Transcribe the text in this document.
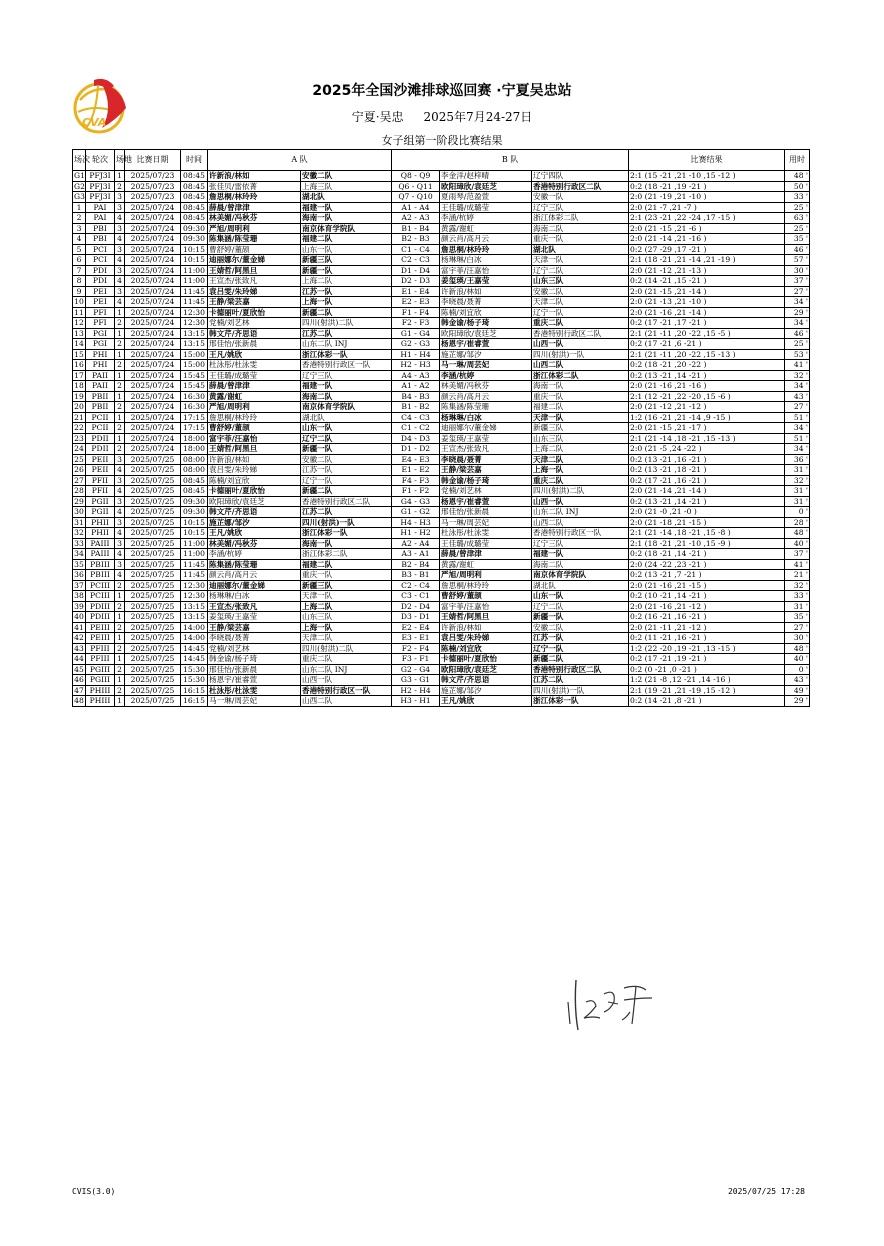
CVA
2025年全国沙滩排球巡回赛 ·宁夏吴忠站
宁夏·吴忠 2025年7月24-27日
女子组第一阶段比赛结果
场次	轮次	场地	比赛日期	时间	A 队		B 队			比赛结果	用时
G1	PFJ3I	1	2025/07/23	08:45	许新浪/林如	安徽二队	Q8 - Q9	李金洋/赵梓晴	辽宁四队	2:1 (15 -21 ,21 -10 ,15 -12 )	48 '
G2	PFJ3I	2	2025/07/23	08:45	张佳贝/雷依菁	上海三队	Q6 - Q11	欧阳璋欣/袁廷芝	香港特别行政区二队	0:2 (18 -21 ,19 -21 )	50 '
G3	PFJ3I	3	2025/07/23	08:45	詹思桐/林玲玲	湖北队	Q7 - Q10	夏雨琴/范盈萱	安徽一队	2:0 (21 -19 ,21 -10 )	33 '
1	PAI	3	2025/07/24	08:45	薛晨/曾津津	福建一队	A1 - A4	王佳璐/成璐莹	辽宁三队	2:0 (21 -7 ,21 -7 )	25 '
2	PAI	4	2025/07/24	08:45	林美媚/冯秋芬	海南一队	A2 - A3	李涵/杭婷	浙江体彩二队	2:1 (23 -21 ,22 -24 ,17 -15 )	63 '
3	PBI	3	2025/07/24	09:30	严旭/周明利	南京体育学院队	B1 - B4	黄露/谢虹	海南二队	2:0 (21 -15 ,21 -6 )	25 '
4	PBI	4	2025/07/24	09:30	陈集涵/陈莹珊	福建二队	B2 - B3	颜云肖/高月云	重庆一队	2:0 (21 -14 ,21 -16 )	35 '
5	PCI	3	2025/07/24	10:15	曹舒婷/董颉	山东一队	C1 - C4	詹思桐/林玲玲	湖北队	0:2 (27 -29 ,17 -21 )	46 '
6	PCI	4	2025/07/24	10:15	迪丽娜尔/董金娣	新疆三队	C2 - C3	杨琳琳/白冰	天津一队	2:1 (18 -21 ,21 -14 ,21 -19 )	57 '
7	PDI	3	2025/07/24	11:00	王婧哲/阿黑旦	新疆一队	D1 - D4	富宇菲/汪嘉怡	辽宁二队	2:0 (21 -12 ,21 -13 )	30 '
8	PDI	4	2025/07/24	11:00	王宣杰/张致凡	上海二队	D2 - D3	姜玺瑛/王嘉莹	山东三队	0:2 (14 -21 ,15 -21 )	37 '
9	PEI	3	2025/07/24	11:45	袁吕雯/朱玲娣	江苏一队	E1 - E4	许新浪/林如	安徽二队	2:0 (21 -15 ,21 -14 )	27 '
10	PEI	4	2025/07/24	11:45	王静/梁芸嘉	上海一队	E2 - E3	李晓晨/聂菁	天津二队	2:0 (21 -13 ,21 -10 )	34 '
11	PFI	1	2025/07/24	12:30	卡德丽叶/夏欣怡	新疆二队	F1 - F4	陈楠/刘宜欣	辽宁一队	2:0 (21 -16 ,21 -14 )	29 '
12	PFI	2	2025/07/24	12:30	党楠/刘艺林	四川(射洪)二队	F2 - F3	韩金谕/杨子琦	重庆二队	0:2 (17 -21 ,17 -21 )	34 '
13	PGI	1	2025/07/24	13:15	韩文芹/齐思语	江苏二队	G1 - G4	欧阳璋欣/袁廷芝	香港特别行政区二队	2:1 (21 -11 ,20 -22 ,15 -5 )	46 '
14	PGI	2	2025/07/24	13:15	邢佳怡/张新晨	山东二队 INJ	G2 - G3	杨恩宇/崔睿萱	山西一队	0:2 (17 -21 ,6 -21 )	25 '
15	PHI	1	2025/07/24	15:00	王凡/姚欣	浙江体彩一队	H1 - H4	施芷娜/邹汐	四川(射洪)一队	2:1 (21 -11 ,20 -22 ,15 -13 )	53 '
16	PHI	2	2025/07/24	15:00	杜泳彤/杜泳雯	香港特别行政区一队	H2 - H3	马一琳/周芸妃	山西二队	0:2 (18 -21 ,20 -22 )	41 '
17	PAII	1	2025/07/24	15:45	王佳璐/成璐莹	辽宁三队	A4 - A3	李涵/杭婷	浙江体彩二队	0:2 (13 -21 ,14 -21 )	32 '
18	PAII	2	2025/07/24	15:45	薛晨/曾津津	福建一队	A1 - A2	林美媚/冯秋芬	海南一队	2:0 (21 -16 ,21 -16 )	34 '
19	PBII	1	2025/07/24	16:30	黄露/谢虹	海南二队	B4 - B3	颜云肖/高月云	重庆一队	2:1 (12 -21 ,22 -20 ,15 -6 )	43 '
20	PBII	2	2025/07/24	16:30	严旭/周明利	南京体育学院队	B1 - B2	陈集涵/陈莹珊	福建二队	2:0 (21 -12 ,21 -12 )	27 '
21	PCII	1	2025/07/24	17:15	詹思桐/林玲玲	湖北队	C4 - C3	杨琳琳/白冰	天津一队	1:2 (16 -21 ,21 -14 ,9 -15 )	51 '
22	PCII	2	2025/07/24	17:15	曹舒婷/董颉	山东一队	C1 - C2	迪丽娜尔/董金娣	新疆三队	2:0 (21 -15 ,21 -17 )	34 '
23	PDII	1	2025/07/24	18:00	富宇菲/汪嘉怡	辽宁二队	D4 - D3	姜玺瑛/王嘉莹	山东三队	2:1 (21 -14 ,18 -21 ,15 -13 )	51 '
24	PDII	2	2025/07/24	18:00	王婧哲/阿黑旦	新疆一队	D1 - D2	王宣杰/张致凡	上海二队	2:0 (21 -5 ,24 -22 )	34 '
25	PEII	3	2025/07/25	08:00	许新浪/林如	安徽二队	E4 - E3	李晓晨/聂菁	天津二队	0:2 (13 -21 ,16 -21 )	36 '
26	PEII	4	2025/07/25	08:00	袁吕雯/朱玲娣	江苏一队	E1 - E2	王静/梁芸嘉	上海一队	0:2 (13 -21 ,18 -21 )	31 '
27	PFII	3	2025/07/25	08:45	陈楠/刘宜欣	辽宁一队	F4 - F3	韩金谕/杨子琦	重庆二队	0:2 (17 -21 ,16 -21 )	32 '
28	PFII	4	2025/07/25	08:45	卡德丽叶/夏欣怡	新疆二队	F1 - F2	党楠/刘艺林	四川(射洪)二队	2:0 (21 -14 ,21 -14 )	31 '
29	PGII	3	2025/07/25	09:30	欧阳璋欣/袁廷芝	香港特别行政区二队	G4 - G3	杨恩宇/崔睿萱	山西一队	0:2 (13 -21 ,14 -21 )	31 '
30	PGII	4	2025/07/25	09:30	韩文芹/齐思语	江苏二队	G1 - G2	邢佳怡/张新晨	山东二队 INJ	2:0 (21 -0 ,21 -0 )	0 '
31	PHII	3	2025/07/25	10:15	施芷娜/邹汐	四川(射洪)一队	H4 - H3	马一琳/周芸妃	山西二队	2:0 (21 -18 ,21 -15 )	28 '
32	PHII	4	2025/07/25	10:15	王凡/姚欣	浙江体彩一队	H1 - H2	杜泳彤/杜泳雯	香港特别行政区一队	2:1 (21 -14 ,18 -21 ,15 -8 )	48 '
33	PAIII	3	2025/07/25	11:00	林美媚/冯秋芬	海南一队	A2 - A4	王佳璐/成璐莹	辽宁三队	2:1 (18 -21 ,21 -10 ,15 -9 )	40 '
34	PAIII	4	2025/07/25	11:00	李涵/杭婷	浙江体彩二队	A3 - A1	薛晨/曾津津	福建一队	0:2 (18 -21 ,14 -21 )	37 '
35	PBIII	3	2025/07/25	11:45	陈集涵/陈莹珊	福建二队	B2 - B4	黄露/谢虹	海南二队	2:0 (24 -22 ,23 -21 )	41 '
36	PBIII	4	2025/07/25	11:45	颜云肖/高月云	重庆一队	B3 - B1	严旭/周明利	南京体育学院队	0:2 (13 -21 ,7 -21 )	21 '
37	PCIII	2	2025/07/25	12:30	迪丽娜尔/董金娣	新疆三队	C2 - C4	詹思桐/林玲玲	湖北队	2:0 (21 -16 ,21 -15 )	32 '
38	PCIII	1	2025/07/25	12:30	杨琳琳/白冰	天津一队	C3 - C1	曹舒婷/董颉	山东一队	0:2 (10 -21 ,14 -21 )	33 '
39	PDIII	2	2025/07/25	13:15	王宣杰/张致凡	上海二队	D2 - D4	富宇菲/汪嘉怡	辽宁二队	2:0 (21 -16 ,21 -12 )	31 '
40	PDIII	1	2025/07/25	13:15	姜玺瑛/王嘉莹	山东三队	D3 - D1	王婧哲/阿黑旦	新疆一队	0:2 (16 -21 ,16 -21 )	35 '
41	PEIII	2	2025/07/25	14:00	王静/梁芸嘉	上海一队	E2 - E4	许新浪/林如	安徽二队	2:0 (21 -11 ,21 -12 )	27 '
42	PEIII	1	2025/07/25	14:00	李晓晨/聂菁	天津二队	E3 - E1	袁吕雯/朱玲娣	江苏一队	0:2 (11 -21 ,16 -21 )	30 '
43	PFIII	2	2025/07/25	14:45	党楠/刘艺林	四川(射洪)二队	F2 - F4	陈楠/刘宜欣	辽宁一队	1:2 (22 -20 ,19 -21 ,13 -15 )	48 '
44	PFIII	1	2025/07/25	14:45	韩金谕/杨子琦	重庆二队	F3 - F1	卡德丽叶/夏欣怡	新疆二队	0:2 (17 -21 ,19 -21 )	40 '
45	PGIII	2	2025/07/25	15:30	邢佳怡/张新晨	山东二队 INJ	G2 - G4	欧阳璋欣/袁廷芝	香港特别行政区二队	0:2 (0 -21 ,0 -21 )	0 '
46	PGIII	1	2025/07/25	15:30	杨恩宇/崔睿萱	山西一队	G3 - G1	韩文芹/齐思语	江苏二队	1:2 (21 -8 ,12 -21 ,14 -16 )	43 '
47	PHIII	2	2025/07/25	16:15	杜泳彤/杜泳雯	香港特别行政区一队	H2 - H4	施芷娜/邹汐	四川(射洪)一队	2:1 (19 -21 ,21 -19 ,15 -12 )	49 '
48	PHIII	1	2025/07/25	16:15	马一琳/周芸妃	山西二队	H3 - H1	王凡/姚欣	浙江体彩一队	0:2 (14 -21 ,8 -21 )	29 '
CVIS(3.0)	2025/07/25 17:28
